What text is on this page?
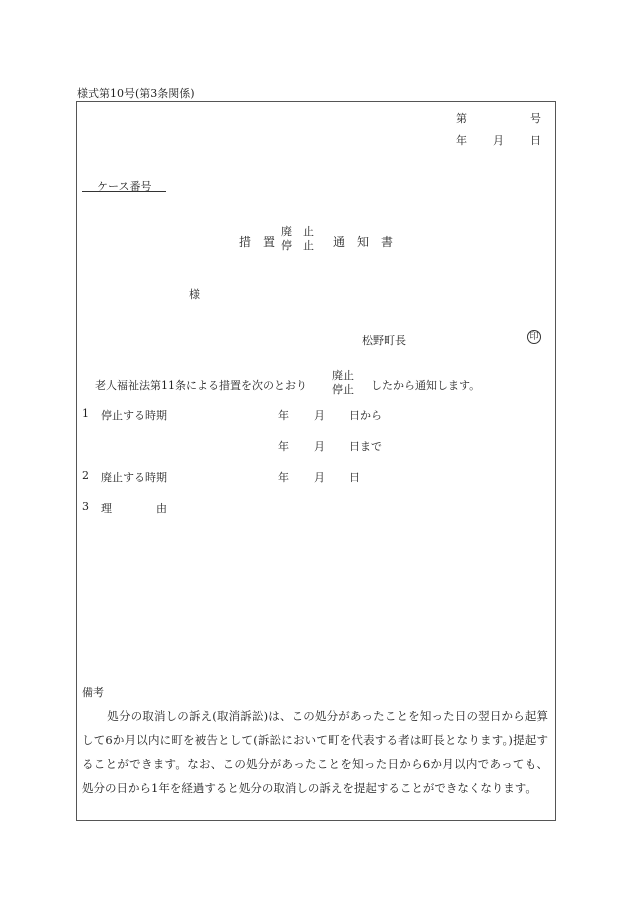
様式第10号(第3条関係)
第	号
年 月 日
ケース番号
措　置
廃　止
停　止 通　知　書
様
松野町長	印
老人福祉法第11条による措置を次のとおり
廃止
停止 したから通知します。
1 停止する時期	年 月 日から
年 月 日まで
2 廃止する時期	年 月 日
3 理　　　　由
備考
処分の取消しの訴え(取消訴訟)は、この処分があったことを知った日の翌日から起算して6か月以内に町を被告として(訴訟において町を代表する者は町長となります。)提起することができます。なお、この処分があったことを知った日から6か月以内であっても、処分の日から1年を経過すると処分の取消しの訴えを提起することができなくなります。
